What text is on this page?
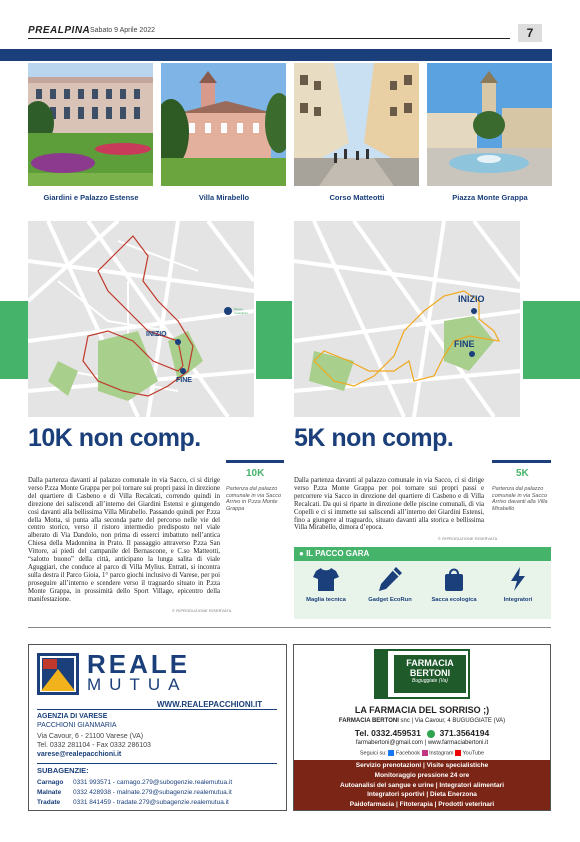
PREALPINA Sabato 9 Aprile 2022	7
Giardini e Palazzo Estense	Villa Mirabello	Corso Matteotti	Piazza Monte Grappa
INIZIO
FINE
Museo Castiglioni
INIZIO
FINE
10K non comp.
Dalla partenza davanti al palazzo comunale in via Sacco, ci si dirige verso P.zza Monte Grappa per poi tornare sui propri passi in direzione del quartiere di Casbeno e di Villa Recalcati, correndo quindi in direzione dei saliscendi all’interno dei Giardini Estensi e giungendo così davanti alla bellissima Villa Mirabello. Passando quindi per P.zza della Motta, si punta alla seconda parte del percorso nelle vie del centro storico, verso il ristoro intermedio predisposto nel viale alberato di Via Dandolo, non prima di esserci imbattuto nell’antica Chiesa della Madonnina in Prato. Il passaggio attraverso P.zza San Vittore, ai piedi del campanile del Bernascone, e C.so Matteotti, “salotto buono” della città, anticipano la lunga salita di viale Aguggiari, che conduce al parco di Villa Mylius. Entrati, si incontra sulla destra il Parco Gioia, 1° parco giochi inclusivo di Varese, per poi proseguire all’interno e scendere verso il traguardo situato in P.zza Monte Grappa, in prossimità dello Sport Village, epicentro della manifestazione.
10K
Partenza dal palazzo comunale in via Sacco Arrivo in P.zza Monte Grappa
© RIPRODUZIONE RISERVATA
5K non comp.
Dalla partenza davanti al palazzo comunale in via Sacco, ci si dirige verso P.zza Monte Grappa per poi tornare sui propri passi e percorrere via Sacco in direzione del quartiere di Casbeno e di Villa Recalcati. Da qui si riparte in direzione delle piscine comunali, di via Copelli e ci si immette sui saliscendi all’interno dei Giardini Estensi, fino a giungere al traguardo, situato davanti alla storica e bellissima Villa Mirabello, dimora d’epoca.
5K
Partenza dal palazzo comunale in via Sacco Arrivo davanti alla Villa Mirabello
© RIPRODUZIONE RISERVATA
● IL PACCO GARA
Maglia tecnica	Gadget EcoRun	Sacca ecologica	Integratori
REALE
MUTUA
WWW.REALEPACCHIONI.IT
AGENZIA DI VARESE
PACCHIONI GIANMARIA
Via Cavour, 6 - 21100 Varese (VA)
Tel. 0332 281104 - Fax 0332 286103
varese@realepacchioni.it
SUBAGENZIE:
Carnago 0331 993571 - carnago.279@subogenzie.realemutua.it
Malnate 0332 428938 - malnate.279@subagenzie.realemutua.it
Tradate 0331 841459 - tradate.279@subagenzie.realemutua.it
FARMACIA
BERTONI
Buguggiate (Va)
LA FARMACIA DEL SORRISO ;)
FARMACIA BERTONI snc | Via Cavour, 4 BUGUGGIATE (VA)
Tel. 0332.459531 371.3564194
farmabertoni@gmail.com | www.farmaciabertoni.it
Seguici su: Facebook Instagram YouTube
Servizio prenotazioni | Visite specialistiche
Monitoraggio pressione 24 ore
Autoanalisi del sangue e urine | Integratori alimentari
Integratori sportivi | Dieta Enerzona
Paidofarmacia | Fitoterapia | Prodotti veterinari
